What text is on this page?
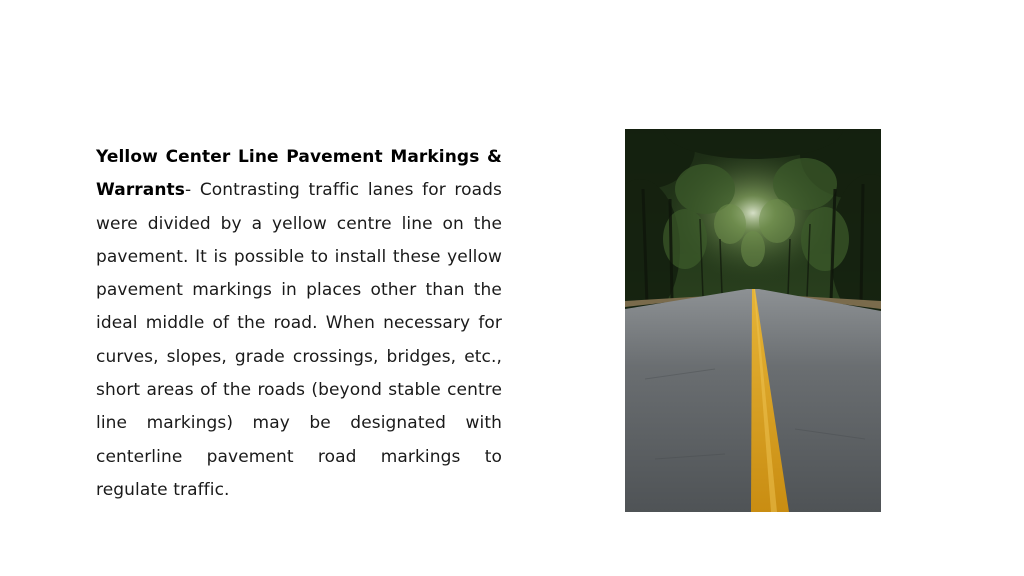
Yellow Center Line Pavement Markings & Warrants- Contrasting traffic lanes for roads were divided by a yellow centre line on the pavement. It is possible to install these yellow pavement markings in places other than the ideal middle of the road. When necessary for curves, slopes, grade crossings, bridges, etc., short areas of the roads (beyond stable centre line markings) may be designated with centerline pavement road markings to regulate traffic.
